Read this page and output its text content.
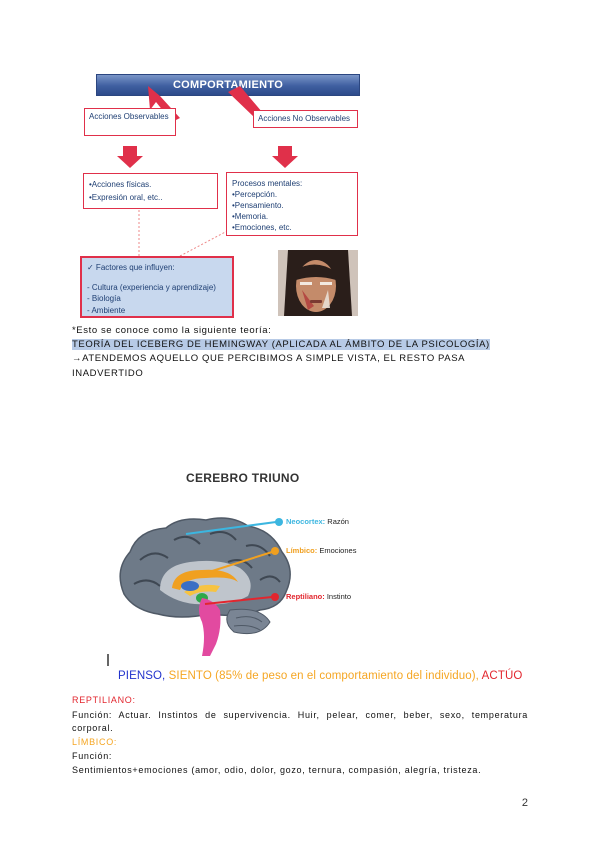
COMPORTAMIENTO
Acciones Observables	Acciones No Observables
•Acciones físicas.
•Expresión oral, etc..
Procesos mentales:
•Percepción.
•Pensamiento.
•Memoria.
•Emociones, etc.
✓ Factores que influyen:
- Cultura (experiencia y aprendizaje)
- Biología
- Ambiente
*Esto se conoce como la siguiente teoría:
TEORÍA DEL ICEBERG DE HEMINGWAY (APLICADA AL ÁMBITO DE LA PSICOLOGÍA)
→ATENDEMOS AQUELLO QUE PERCIBIMOS A SIMPLE VISTA, EL RESTO PASA
INADVERTIDO
CEREBRO TRIUNO
Neocortex: Razón
Límbico: Emociones
Reptiliano: Instinto
PIENSO, SIENTO (85% de peso en el comportamiento del individuo), ACTÚO
REPTILIANO:
Función: Actuar. Instintos de supervivencia. Huir, pelear, comer, beber, sexo, temperatura corporal.
LÍMBICO:
Función:
Sentimientos+emociones (amor, odio, dolor, gozo, ternura, compasión, alegría, tristeza.
2
